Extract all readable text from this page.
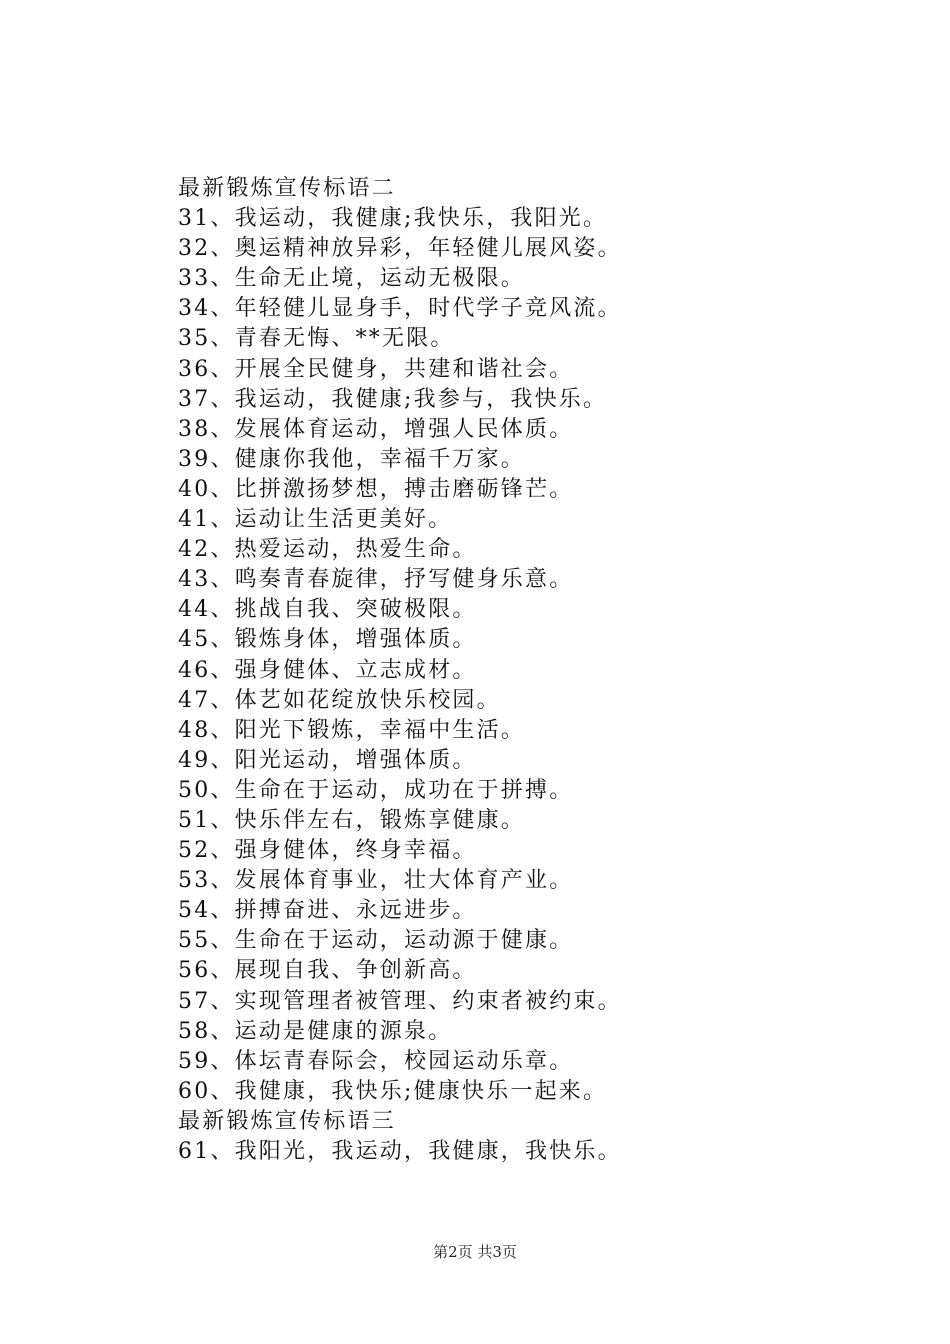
最新锻炼宣传标语二
31、我运动，我健康;我快乐，我阳光。
32、奥运精神放异彩，年轻健儿展风姿。
33、生命无止境，运动无极限。
34、年轻健儿显身手，时代学子竞风流。
35、青春无悔、**无限。
36、开展全民健身，共建和谐社会。
37、我运动，我健康;我参与，我快乐。
38、发展体育运动，增强人民体质。
39、健康你我他，幸福千万家。
40、比拼激扬梦想，搏击磨砺锋芒。
41、运动让生活更美好。
42、热爱运动，热爱生命。
43、鸣奏青春旋律，抒写健身乐意。
44、挑战自我、突破极限。
45、锻炼身体，增强体质。
46、强身健体、立志成材。
47、体艺如花绽放快乐校园。
48、阳光下锻炼，幸福中生活。
49、阳光运动，增强体质。
50、生命在于运动，成功在于拼搏。
51、快乐伴左右，锻炼享健康。
52、强身健体，终身幸福。
53、发展体育事业，壮大体育产业。
54、拼搏奋进、永远进步。
55、生命在于运动，运动源于健康。
56、展现自我、争创新高。
57、实现管理者被管理、约束者被约束。
58、运动是健康的源泉。
59、体坛青春际会，校园运动乐章。
60、我健康，我快乐;健康快乐一起来。
最新锻炼宣传标语三
61、我阳光，我运动，我健康，我快乐。
第2页 共3页
